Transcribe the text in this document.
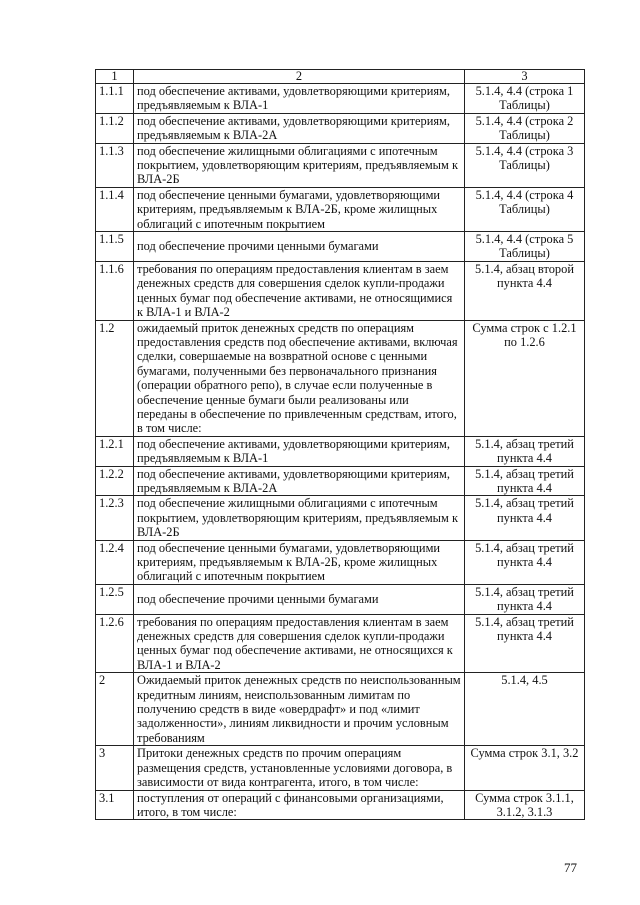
1	2	3
1.1.1	под обеспечение активами, удовлетворяющими критериям, предъявляемым к ВЛА-1	5.1.4, 4.4 (строка 1 Таблицы)
1.1.2	под обеспечение активами, удовлетворяющими критериям, предъявляемым к ВЛА-2А	5.1.4, 4.4 (строка 2 Таблицы)
1.1.3	под обеспечение жилищными облигациями с ипотечным покрытием, удовлетворяющим критериям, предъявляемым к ВЛА-2Б	5.1.4, 4.4 (строка 3 Таблицы)
1.1.4	под обеспечение ценными бумагами, удовлетворяющими критериям, предъявляемым к ВЛА-2Б, кроме жилищных облигаций с ипотечным покрытием	5.1.4, 4.4 (строка 4 Таблицы)
1.1.5	под обеспечение прочими ценными бумагами	5.1.4, 4.4 (строка 5 Таблицы)
1.1.6	требования по операциям предоставления клиентам в заем денежных средств для совершения сделок купли-продажи ценных бумаг под обеспечение активами, не относящимися к ВЛА-1 и ВЛА-2	5.1.4, абзац второй пункта 4.4
1.2	ожидаемый приток денежных средств по операциям предоставления средств под обеспечение активами, включая сделки, совершаемые на возвратной основе с ценными бумагами, полученными без первоначального признания (операции обратного репо), в случае если полученные в обеспечение ценные бумаги были реализованы или переданы в обеспечение по привлеченным средствам, итого, в том числе:	Сумма строк с 1.2.1 по 1.2.6
1.2.1	под обеспечение активами, удовлетворяющими критериям, предъявляемым к ВЛА-1	5.1.4, абзац третий пункта 4.4
1.2.2	под обеспечение активами, удовлетворяющими критериям, предъявляемым к ВЛА-2А	5.1.4, абзац третий пункта 4.4
1.2.3	под обеспечение жилищными облигациями с ипотечным покрытием, удовлетворяющим критериям, предъявляемым к ВЛА-2Б	5.1.4, абзац третий пункта 4.4
1.2.4	под обеспечение ценными бумагами, удовлетворяющими критериям, предъявляемым к ВЛА-2Б, кроме жилищных облигаций с ипотечным покрытием	5.1.4, абзац третий пункта 4.4
1.2.5	под обеспечение прочими ценными бумагами	5.1.4, абзац третий пункта 4.4
1.2.6	требования по операциям предоставления клиентам в заем денежных средств для совершения сделок купли-продажи ценных бумаг под обеспечение активами, не относящихся к ВЛА-1 и ВЛА-2	5.1.4, абзац третий пункта 4.4
2	Ожидаемый приток денежных средств по неиспользованным кредитным линиям, неиспользованным лимитам по получению средств в виде «овердрафт» и под «лимит задолженности», линиям ликвидности и прочим условным требованиям	5.1.4, 4.5
3	Притоки денежных средств по прочим операциям размещения средств, установленные условиями договора, в зависимости от вида контрагента, итого, в том числе:	Сумма строк 3.1, 3.2
3.1	поступления от операций с финансовыми организациями, итого, в том числе:	Сумма строк 3.1.1, 3.1.2, 3.1.3
77
